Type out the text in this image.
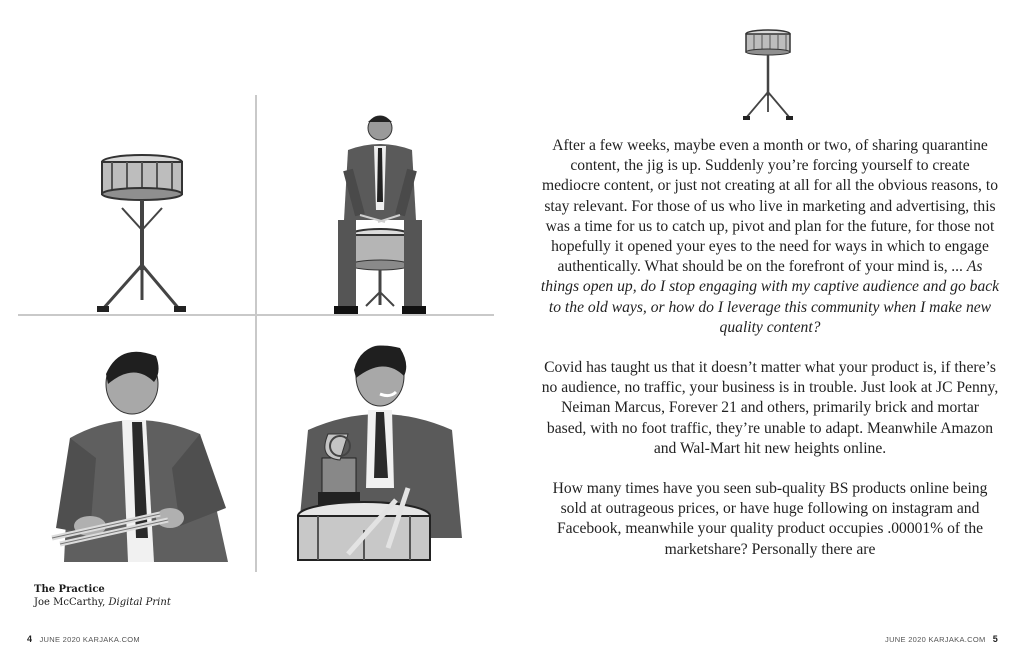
The Practice
Joe McCarthy, Digital Print

After a few weeks, maybe even a month or two, of sharing quarantine content, the jig is up. Suddenly you’re forcing yourself to create mediocre content, or just not creating at all for all the obvious reasons, to stay relevant. For those of us who live in marketing and advertising, this was a time for us to catch up, pivot and plan for the future, for those not hopefully it opened your eyes to the need for ways in which to engage authentically. What should be on the forefront of your mind is, ... As things open up, do I stop engaging with my captive audience and go back to the old ways, or how do I leverage this community when I make new quality content?

Covid has taught us that it doesn’t matter what your product is, if there’s no audience, no traffic, your business is in trouble. Just look at JC Penny, Neiman Marcus, Forever 21 and others, primarily brick and mortar based, with no foot traffic, they’re unable to adapt. Meanwhile Amazon and Wal-Mart hit new heights online.

How many times have you seen sub-quality BS products online being sold at outrageous prices, or have huge following on instagram and Facebook, meanwhile your quality product occupies .00001% of the marketshare? Personally there are

4 JUNE 2020 KARJAKA.COM	JUNE 2020 KARJAKA.COM 5
